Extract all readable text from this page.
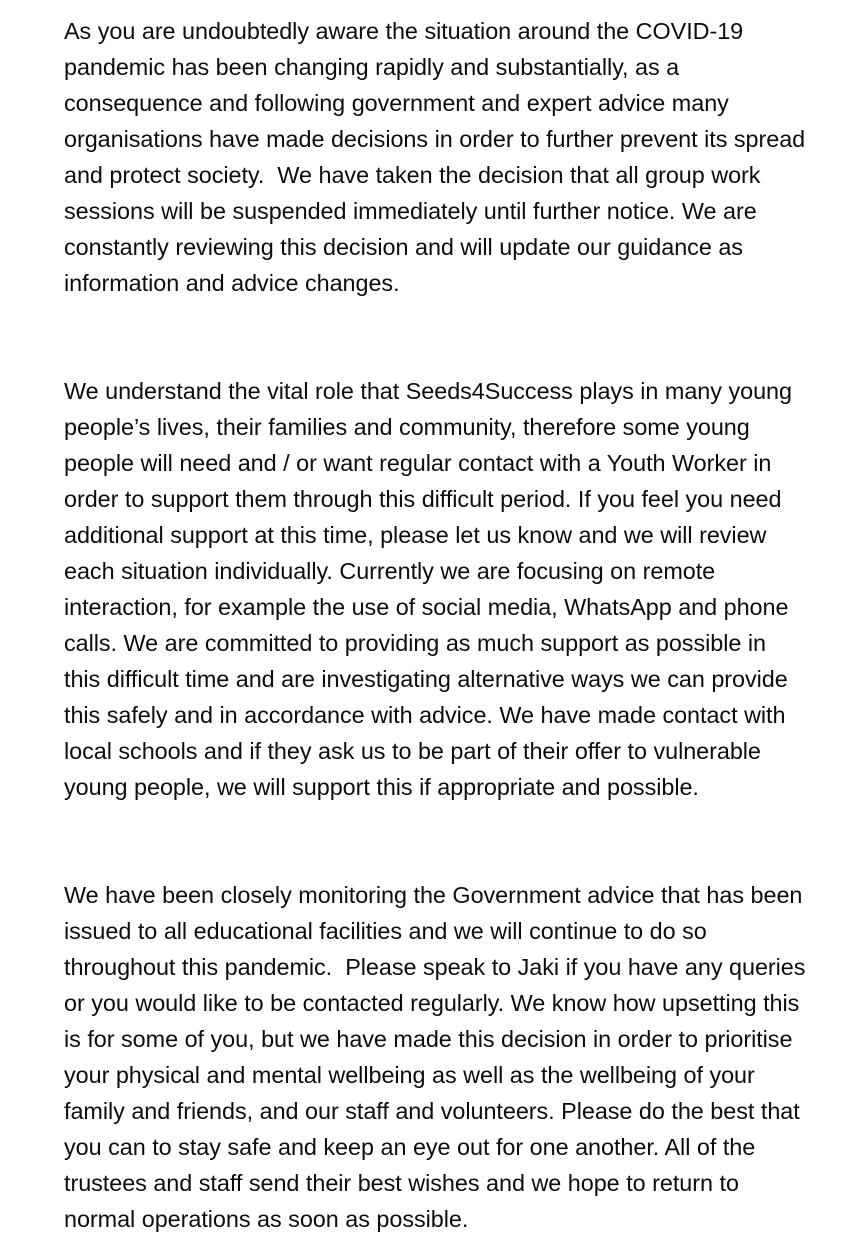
As you are undoubtedly aware the situation around the COVID-19 pandemic has been changing rapidly and substantially, as a consequence and following government and expert advice many organisations have made decisions in order to further prevent its spread and protect society.  We have taken the decision that all group work sessions will be suspended immediately until further notice. We are constantly reviewing this decision and will update our guidance as information and advice changes.

We understand the vital role that Seeds4Success plays in many young people’s lives, their families and community, therefore some young people will need and / or want regular contact with a Youth Worker in order to support them through this difficult period. If you feel you need additional support at this time, please let us know and we will review each situation individually. Currently we are focusing on remote interaction, for example the use of social media, WhatsApp and phone calls. We are committed to providing as much support as possible in this difficult time and are investigating alternative ways we can provide this safely and in accordance with advice. We have made contact with local schools and if they ask us to be part of their offer to vulnerable young people, we will support this if appropriate and possible.

We have been closely monitoring the Government advice that has been issued to all educational facilities and we will continue to do so throughout this pandemic.  Please speak to Jaki if you have any queries or you would like to be contacted regularly. We know how upsetting this is for some of you, but we have made this decision in order to prioritise your physical and mental wellbeing as well as the wellbeing of your family and friends, and our staff and volunteers. Please do the best that you can to stay safe and keep an eye out for one another. All of the trustees and staff send their best wishes and we hope to return to normal operations as soon as possible.
